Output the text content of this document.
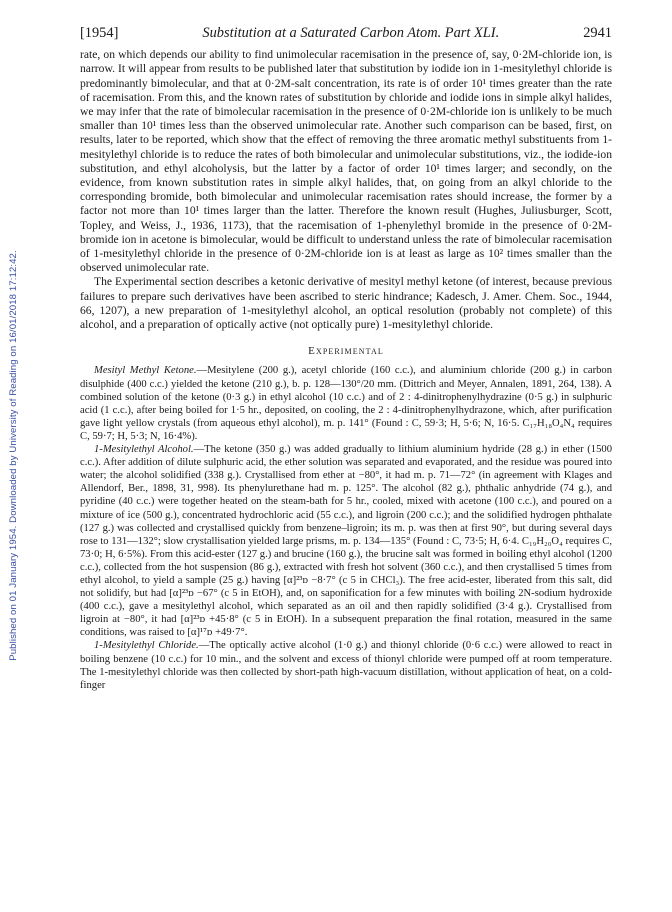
Published on 01 January 1954. Downloaded by University of Reading on 16/01/2018 17:12:42.
[1954]	Substitution at a Saturated Carbon Atom. Part XLI.	2941

rate, on which depends our ability to find unimolecular racemisation in the presence of, say, 0·2M-chloride ion, is narrow. It will appear from results to be published later that substitution by iodide ion in 1-mesitylethyl chloride is predominantly bimolecular, and that at 0·2M-salt concentration, its rate is of order 10¹ times greater than the rate of racemisation. From this, and the known rates of substitution by chloride and iodide ions in simple alkyl halides, we may infer that the rate of bimolecular racemisation in the presence of 0·2M-chloride ion is unlikely to be much smaller than 10¹ times less than the observed unimolecular rate. Another such comparison can be based, first, on results, later to be reported, which show that the effect of removing the three aromatic methyl substituents from 1-mesitylethyl chloride is to reduce the rates of both bimolecular and unimolecular substitutions, viz., the iodide-ion substitution, and ethyl alcoholysis, but the latter by a factor of order 10¹ times larger; and secondly, on the evidence, from known substitution rates in simple alkyl halides, that, on going from an alkyl chloride to the corresponding bromide, both bimolecular and unimolecular racemisation rates should increase, the former by a factor not more than 10¹ times larger than the latter. Therefore the known result (Hughes, Juliusburger, Scott, Topley, and Weiss, J., 1936, 1173), that the racemisation of 1-phenylethyl bromide in the presence of 0·2M-bromide ion in acetone is bimolecular, would be difficult to understand unless the rate of bimolecular racemisation of 1-mesitylethyl chloride in the presence of 0·2M-chloride ion is at least as large as 10² times smaller than the observed unimolecular rate.

The Experimental section describes a ketonic derivative of mesityl methyl ketone (of interest, because previous failures to prepare such derivatives have been ascribed to steric hindrance; Kadesch, J. Amer. Chem. Soc., 1944, 66, 1207), a new preparation of 1-mesitylethyl alcohol, an optical resolution (probably not complete) of this alcohol, and a preparation of optically active (not optically pure) 1-mesitylethyl chloride.

Experimental

Mesityl Methyl Ketone.—Mesitylene (200 g.), acetyl chloride (160 c.c.), and aluminium chloride (200 g.) in carbon disulphide (400 c.c.) yielded the ketone (210 g.), b. p. 128—130°/20 mm. (Dittrich and Meyer, Annalen, 1891, 264, 138). A combined solution of the ketone (0·3 g.) in ethyl alcohol (10 c.c.) and of 2 : 4-dinitrophenylhydrazine (0·5 g.) in sulphuric acid (1 c.c.), after being boiled for 1·5 hr., deposited, on cooling, the 2 : 4-dinitrophenylhydrazone, which, after purification gave light yellow crystals (from aqueous ethyl alcohol), m. p. 141° (Found : C, 59·3; H, 5·6; N, 16·5. C₁₇H₁₈O₄N₄ requires C, 59·7; H, 5·3; N, 16·4%).

1-Mesitylethyl Alcohol.—The ketone (350 g.) was added gradually to lithium aluminium hydride (28 g.) in ether (1500 c.c.). After addition of dilute sulphuric acid, the ether solution was separated and evaporated, and the residue was poured into water; the alcohol solidified (338 g.). Crystallised from ether at −80°, it had m. p. 71—72° (in agreement with Klages and Allendorf, Ber., 1898, 31, 998). Its phenylurethane had m. p. 125°. The alcohol (82 g.), phthalic anhydride (74 g.), and pyridine (40 c.c.) were together heated on the steam-bath for 5 hr., cooled, mixed with acetone (100 c.c.), and poured on a mixture of ice (500 g.), concentrated hydrochloric acid (55 c.c.), and ligroin (200 c.c.); and the solidified hydrogen phthalate (127 g.) was collected and crystallised quickly from benzene–ligroin; its m. p. was then at first 90°, but during several days rose to 131—132°; slow crystallisation yielded large prisms, m. p. 134—135° (Found : C, 73·5; H, 6·4. C₁₉H₂₀O₄ requires C, 73·0; H, 6·5%). From this acid-ester (127 g.) and brucine (160 g.), the brucine salt was formed in boiling ethyl alcohol (1200 c.c.), collected from the hot suspension (86 g.), extracted with fresh hot solvent (360 c.c.), and then crystallised 5 times from ethyl alcohol, to yield a sample (25 g.) having [α]²³ᴅ −8·7° (c 5 in CHCl₃). The free acid-ester, liberated from this salt, did not solidify, but had [α]²³ᴅ −67° (c 5 in EtOH), and, on saponification for a few minutes with boiling 2N-sodium hydroxide (400 c.c.), gave a mesitylethyl alcohol, which separated as an oil and then rapidly solidified (3·4 g.). Crystallised from ligroin at −80°, it had [α]²³ᴅ +45·8° (c 5 in EtOH). In a subsequent preparation the final rotation, measured in the same conditions, was raised to [α]¹⁷ᴅ +49·7°.

1-Mesitylethyl Chloride.—The optically active alcohol (1·0 g.) and thionyl chloride (0·6 c.c.) were allowed to react in boiling benzene (10 c.c.) for 10 min., and the solvent and excess of thionyl chloride were pumped off at room temperature. The 1-mesitylethyl chloride was then collected by short-path high-vacuum distillation, without application of heat, on a cold-finger
